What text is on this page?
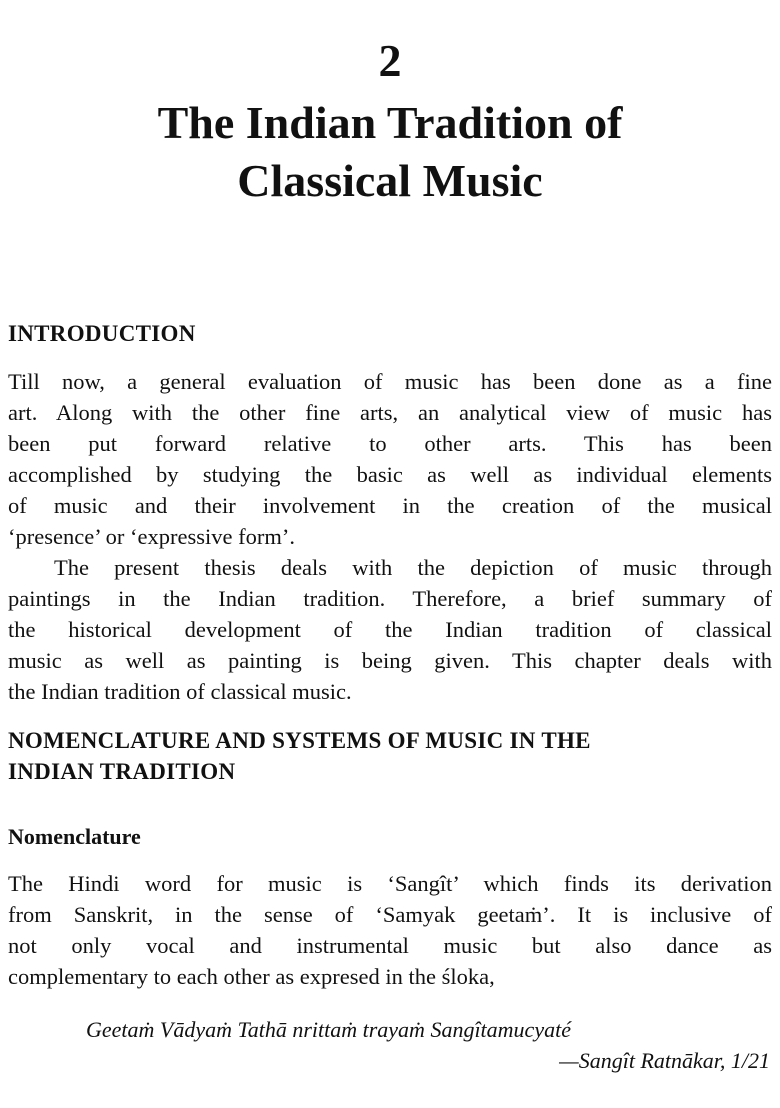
2
The Indian Tradition of
Classical Music
INTRODUCTION
Till now, a general evaluation of music has been done as a fine
art. Along with the other fine arts, an analytical view of music has
been put forward relative to other arts. This has been
accomplished by studying the basic as well as individual elements
of music and their involvement in the creation of the musical
‘presence’ or ‘expressive form’.
The present thesis deals with the depiction of music through
paintings in the Indian tradition. Therefore, a brief summary of
the historical development of the Indian tradition of classical
music as well as painting is being given. This chapter deals with
the Indian tradition of classical music.
NOMENCLATURE AND SYSTEMS OF MUSIC IN THE
INDIAN TRADITION
Nomenclature
The Hindi word for music is ‘Sangît’ which finds its derivation
from Sanskrit, in the sense of ‘Samyak geetaṁ’. It is inclusive of
not only vocal and instrumental music but also dance as
complementary to each other as expresed in the śloka,
Geetaṁ Vādyaṁ Tathā nrittaṁ trayaṁ Sangîtamucyaté
—Sangît Ratnākar, 1/21
